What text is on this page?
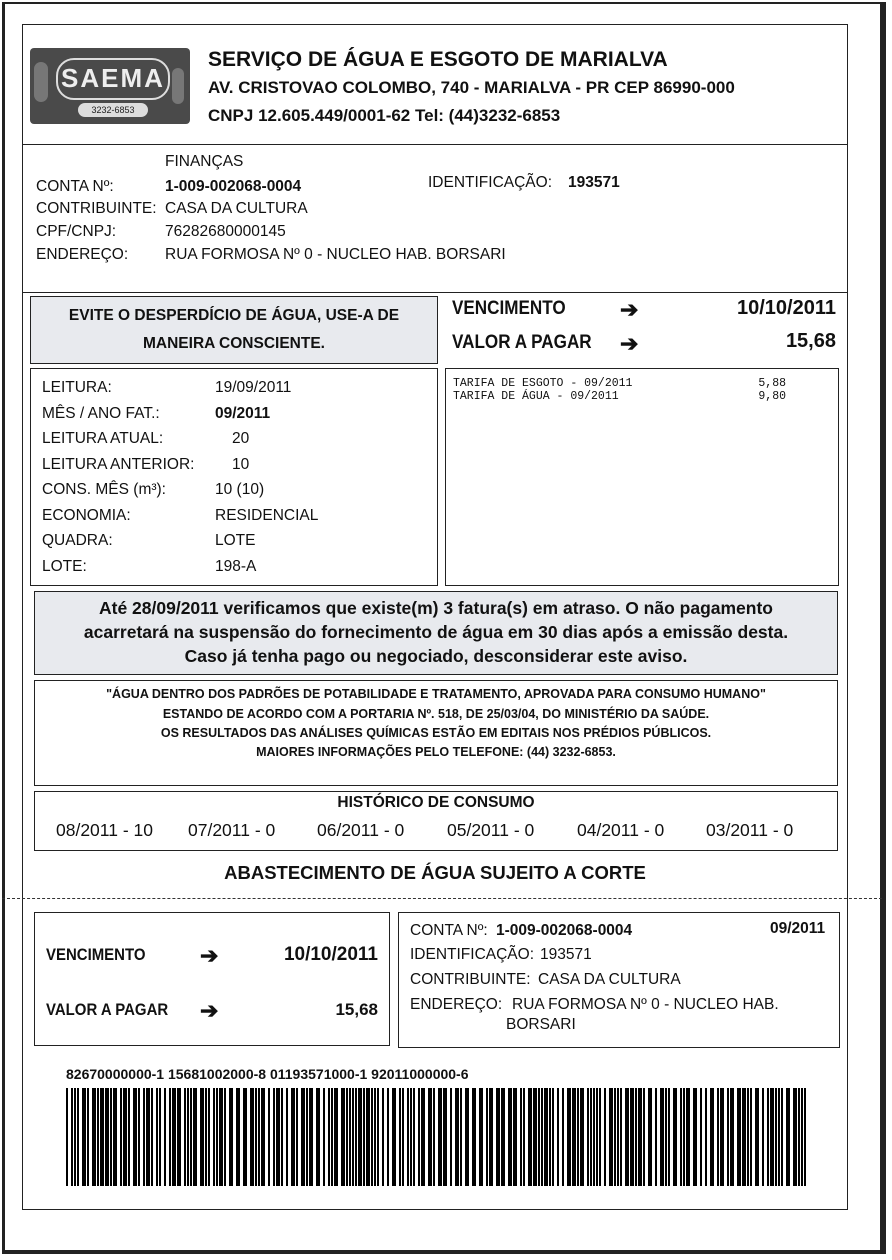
SAEMA
3232-6853
SERVIÇO DE ÁGUA E ESGOTO DE MARIALVA
AV. CRISTOVAO COLOMBO, 740 - MARIALVA - PR CEP 86990-000
CNPJ 12.605.449/0001-62 Tel: (44)3232-6853
FINANÇAS
CONTA Nº:	1-009-002068-0004	IDENTIFICAÇÃO: 193571
CONTRIBUINTE: CASA DA CULTURA
CPF/CNPJ:	76282680000145
ENDEREÇO: RUA FORMOSA Nº 0 - NUCLEO HAB. BORSARI
EVITE O DESPERDÍCIO DE ÁGUA, USE-A DE
MANEIRA CONSCIENTE.
VENCIMENTO ➔	10/10/2011
VALOR A PAGAR ➔	15,68
LEITURA:	19/09/2011
MÊS / ANO FAT.:	09/2011
LEITURA ATUAL:	20
LEITURA ANTERIOR: 10
CONS. MÊS (m³):	10 (10)
ECONOMIA:	RESIDENCIAL
QUADRA:	LOTE
LOTE:	198-A
TARIFA DE ESGOTO - 09/2011	5,88
TARIFA DE ÁGUA - 09/2011	9,80
Até 28/09/2011 verificamos que existe(m) 3 fatura(s) em atraso. O não pagamento
acarretará na suspensão do fornecimento de água em 30 dias após a emissão desta.
Caso já tenha pago ou negociado, desconsiderar este aviso.
"ÁGUA DENTRO DOS PADRÕES DE POTABILIDADE E TRATAMENTO, APROVADA PARA CONSUMO HUMANO"
ESTANDO DE ACORDO COM A PORTARIA Nº. 518, DE 25/03/04, DO MINISTÉRIO DA SAÚDE.
OS RESULTADOS DAS ANÁLISES QUÍMICAS ESTÃO EM EDITAIS NOS PRÉDIOS PÚBLICOS.
MAIORES INFORMAÇÕES PELO TELEFONE: (44) 3232-6853.
HISTÓRICO DE CONSUMO
08/2011 - 10 07/2011 - 0 06/2011 - 0 05/2011 - 0 04/2011 - 0 03/2011 - 0
ABASTECIMENTO DE ÁGUA SUJEITO A CORTE
VENCIMENTO ➔	10/10/2011
VALOR A PAGAR ➔	15,68
CONTA Nº: 1-009-002068-0004	09/2011
IDENTIFICAÇÃO: 193571
CONTRIBUINTE: CASA DA CULTURA
ENDEREÇO: RUA FORMOSA Nº 0 - NUCLEO HAB.
BORSARI
82670000000-1 15681002000-8 01193571000-1 92011000000-6
